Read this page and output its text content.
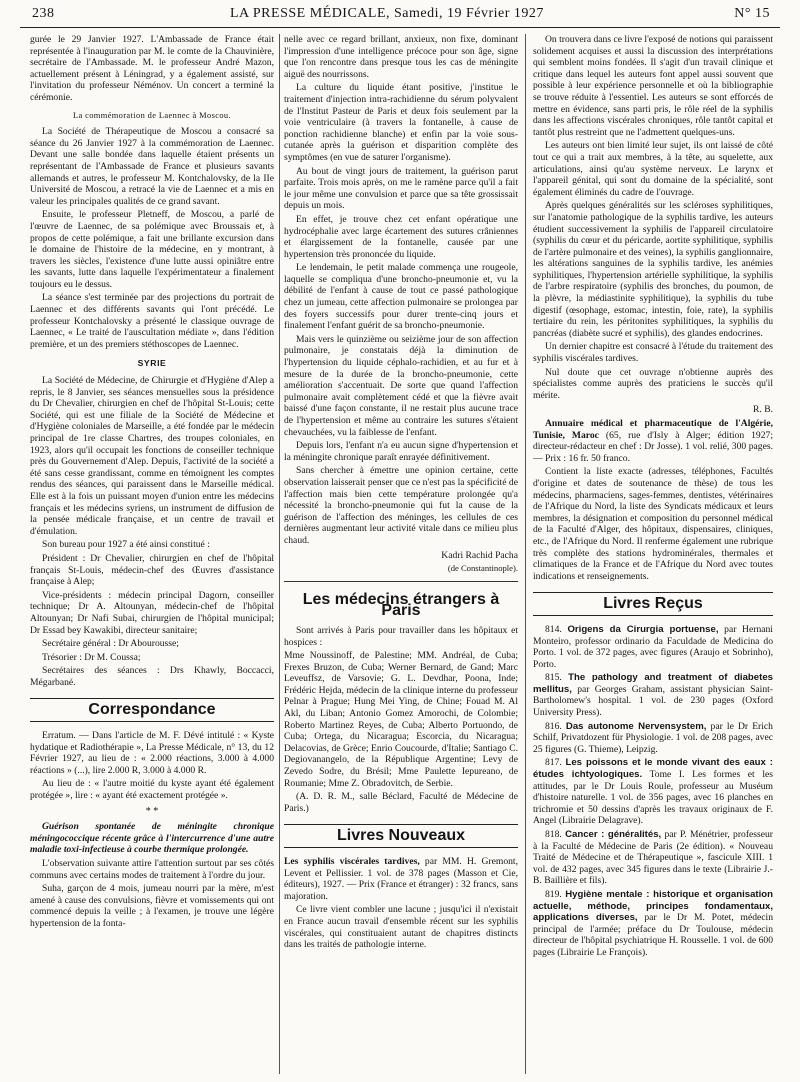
238	LA PRESSE MÉDICALE, Samedi, 19 Février 1927	N° 15

gurée le 29 Janvier 1927. L'Ambassade de France était représentée à l'inauguration par M. le comte de la Chauvinière, secrétaire de l'Ambassade. M. le professeur André Mazon, actuellement présent à Léningrad, y a également assisté, sur l'invitation du professeur Néménov. Un concert a terminé la cérémonie.

La commémoration de Laennec à Moscou.

La Société de Thérapeutique de Moscou a consacré sa séance du 26 Janvier 1927 à la commémoration de Laennec. Devant une salle bondée dans laquelle étaient présents un représentant de l'Ambassade de France et plusieurs savants allemands et autres, le professeur M. Kontchalovsky, de la IIe Université de Moscou, a retracé la vie de Laennec et a mis en valeur les principales qualités de ce grand savant.

Ensuite, le professeur Pletneff, de Moscou, a parlé de l'œuvre de Laennec, de sa polémique avec Broussais et, à propos de cette polémique, a fait une brillante excursion dans le domaine de l'histoire de la médecine, en y montrant, à travers les siècles, l'existence d'une lutte aussi opiniâtre entre les savants, lutte dans laquelle l'expérimentateur a finalement toujours eu le dessus.

La séance s'est terminée par des projections du portrait de Laennec et des différents savants qui l'ont précédé. Le professeur Kontchalovsky a présenté le classique ouvrage de Laennec, « Le traité de l'auscultation médiate », dans l'édition première, et un des premiers stéthoscopes de Laennec.

SYRIE

La Société de Médecine, de Chirurgie et d'Hygiène d'Alep a repris, le 8 Janvier, ses séances mensuelles sous la présidence du Dr Chevalier, chirurgien en chef de l'hôpital St-Louis; cette Société, qui est une filiale de la Société de Médecine et d'Hygiène coloniales de Marseille, a été fondée par le médecin principal de 1re classe Chartres, des troupes coloniales, en 1923, alors qu'il occupait les fonctions de conseiller technique près du Gouvernement d'Alep. Depuis, l'activité de la société a été sans cesse grandissant, comme en témoignent les comptes rendus des séances, qui paraissent dans le Marseille médical. Elle est à la fois un puissant moyen d'union entre les médecins français et les médecins syriens, un instrument de diffusion de la pensée médicale française, et un centre de travail et d'émulation.

Son bureau pour 1927 a été ainsi constitué :

Président : Dr Chevalier, chirurgien en chef de l'hôpital français St-Louis, médecin-chef des Œuvres d'assistance française à Alep;

Vice-présidents : médecin principal Dagorn, conseiller technique; Dr A. Altounyan, médecin-chef de l'hôpital Altounyan; Dr Nafi Subai, chirurgien de l'hôpital municipal; Dr Essad bey Kawakibi, directeur sanitaire;

Secrétaire général : Dr Abourousse;

Trésorier : Dr M. Coussa;

Secrétaires des séances : Drs Khawly, Boccacci, Mégarbané.

Correspondance

Erratum. — Dans l'article de M. F. Dévé intitulé : « Kyste hydatique et Radiothérapie », La Presse Médicale, n° 13, du 12 Février 1927, au lieu de : « 2.000 réactions, 3.000 à 4.000 réactions » (...), lire 2.000 R, 3.000 à 4.000 R.

Au lieu de : « l'autre moitié du kyste ayant été également protégée », lire : « ayant été exactement protégée ».

* *

Guérison spontanée de méningite chronique méningococcique récente grâce à l'intercurrence d'une autre maladie toxi-infectieuse à courbe thermique prolongée.

L'observation suivante attire l'attention surtout par ses côtés communs avec certains modes de traitement à l'ordre du jour.

Suha, garçon de 4 mois, jumeau nourri par la mère, m'est amené à cause des convulsions, fièvre et vomissements qui ont commencé depuis la veille ; à l'examen, je trouve une légère hypertension de la fonta-

nelle avec ce regard brillant, anxieux, non fixe, dominant l'impression d'une intelligence précoce pour son âge, signe que l'on rencontre dans presque tous les cas de méningite aiguë des nourrissons.

La culture du liquide étant positive, j'institue le traitement d'injection intra-rachidienne du sérum polyvalent de l'Institut Pasteur de Paris et deux fois seulement par la voie ventriculaire (à travers la fontanelle, à cause de ponction rachidienne blanche) et enfin par la voie sous-cutanée après la guérison et disparition complète des symptômes (en vue de saturer l'organisme).

Au bout de vingt jours de traitement, la guérison parut parfaite. Trois mois après, on me le ramène parce qu'il a fait le jour même une convulsion et parce que sa tête grossissait depuis un mois.

En effet, je trouve chez cet enfant opératique une hydrocéphalie avec large écartement des sutures crâniennes et élargissement de la fontanelle, causée par une hypertension très prononcée du liquide.

Le lendemain, le petit malade commença une rougeole, laquelle se compliqua d'une broncho-pneumonie et, vu la débilité de l'enfant à cause de tout ce passé pathologique chez un jumeau, cette affection pulmonaire se prolongea par des foyers successifs pour durer trente-cinq jours et finalement l'enfant guérit de sa broncho-pneumonie.

Mais vers le quinzième ou seizième jour de son affection pulmonaire, je constatais déjà la diminution de l'hypertension du liquide céphalo-rachidien, et au fur et à mesure de la durée de la broncho-pneumonie, cette amélioration s'accentuait. De sorte que quand l'affection pulmonaire avait complètement cédé et que la fièvre avait baissé d'une façon constante, il ne restait plus aucune trace de l'hypertension et même au contraire les sutures s'étaient chevauchées, vu la faiblesse de l'enfant.

Depuis lors, l'enfant n'a eu aucun signe d'hypertension et la méningite chronique paraît enrayée définitivement.

Sans chercher à émettre une opinion certaine, cette observation laisserait penser que ce n'est pas la spécificité de l'affection mais bien cette température prolongée qu'a nécessité la broncho-pneumonie qui fut la cause de la guérison de l'affection des méninges, les cellules de ces dernières augmentant leur activité vitale dans ce milieu plus chaud.

Kadri Rachid Pacha
(de Constantinople).
Les médecins étrangers à Paris

Sont arrivés à Paris pour travailler dans les hôpitaux et hospices :

Mme Noussinoff, de Palestine; MM. Andréal, de Cuba; Frexes Bruzon, de Cuba; Werner Bernard, de Gand; Marc Leveuffsz, de Varsovie; G. L. Devdhar, Poona, Inde; Frédéric Hejda, médecin de la clinique interne du professeur Pelnar à Prague; Hung Mei Ying, de Chine; Fouad M. Al Akl, du Liban; Antonio Gomez Amorochi, de Colombie; Roberto Martinez Reyes, de Cuba; Alberto Portuondo, de Cuba; Ortega, du Nicaragua; Escorcia, du Nicaragua; Delacovias, de Grèce; Enrio Coucourde, d'Italie; Santiago C. Degiovanangelo, de la République Argentine; Levy de Zevedo Sodre, du Brésil; Mme Paulette Iepureano, de Roumanie; Mme Z. Obradovitch, de Serbie.

(A. D. R. M., salle Béclard, Faculté de Médecine de Paris.)

Livres Nouveaux

Les syphilis viscérales tardives, par MM. H. Gremont, Levent et Pellissier. 1 vol. de 378 pages (Masson et Cie, éditeurs), 1927. — Prix (France et étranger) : 32 francs, sans majoration.

Ce livre vient combler une lacune ; jusqu'ici il n'existait en France aucun travail d'ensemble récent sur les syphilis viscérales, qui constituaient autant de chapitres distincts dans les traités de pathologie interne.

On trouvera dans ce livre l'exposé de notions qui paraissent solidement acquises et aussi la discussion des interprétations qui semblent moins fondées. Il s'agit d'un travail clinique et critique dans lequel les auteurs font appel aussi souvent que possible à leur expérience personnelle et où la bibliographie se trouve réduite à l'essentiel. Les auteurs se sont efforcés de mettre en évidence, sans parti pris, le rôle réel de la syphilis dans les affections viscérales chroniques, rôle tantôt capital et tantôt plus restreint que ne l'admettent quelques-uns.

Les auteurs ont bien limité leur sujet, ils ont laissé de côté tout ce qui a trait aux membres, à la tête, au squelette, aux articulations, ainsi qu'au système nerveux. Le larynx et l'appareil génital, qui sont du domaine de la spécialité, sont également éliminés du cadre de l'ouvrage.

Après quelques généralités sur les scléroses syphilitiques, sur l'anatomie pathologique de la syphilis tardive, les auteurs étudient successivement la syphilis de l'appareil circulatoire (syphilis du cœur et du péricarde, aortite syphilitique, syphilis de l'artère pulmonaire et des veines), la syphilis ganglionnaire, les altérations sanguines de la syphilis tardive, les anémies syphilitiques, l'hypertension artérielle syphilitique, la syphilis de l'arbre respiratoire (syphilis des bronches, du poumon, de la plèvre, la médiastinite syphilitique), la syphilis du tube digestif (œsophage, estomac, intestin, foie, rate), la syphilis tertiaire du rein, les péritonites syphilitiques, la syphilis du pancréas (diabète sucré et syphilis), des glandes endocrines.

Un dernier chapitre est consacré à l'étude du traitement des syphilis viscérales tardives.

Nul doute que cet ouvrage n'obtienne auprès des spécialistes comme auprès des praticiens le succès qu'il mérite.

R. B.

Annuaire médical et pharmaceutique de l'Algérie, Tunisie, Maroc (65, rue d'Isly à Alger; édition 1927; directeur-rédacteur en chef : Dr Josse). 1 vol. relié, 300 pages. — Prix : 16 fr. 50 franco.

Contient la liste exacte (adresses, téléphones, Facultés d'origine et dates de soutenance de thèse) de tous les médecins, pharmaciens, sages-femmes, dentistes, vétérinaires de l'Afrique du Nord, la liste des Syndicats médicaux et leurs membres, la désignation et composition du personnel médical de la Faculté d'Alger, des hôpitaux, dispensaires, cliniques, etc., de l'Afrique du Nord. Il renferme également une rubrique très complète des stations hydrominérales, thermales et climatiques de la France et de l'Afrique du Nord avec toutes indications et renseignements.

Livres Reçus

814. Origens da Cirurgia portuense, par Hernani Monteiro, professor ordinario da Faculdade de Medicina do Porto. 1 vol. de 372 pages, avec figures (Araujo et Sobrinho), Porto.

815. The pathology and treatment of diabetes mellitus, par Georges Graham, assistant physician Saint-Bartholomew's hospital. 1 vol. de 230 pages (Oxford University Press).

816. Das autonome Nervensystem, par le Dr Erich Schilf, Privatdozent für Physiologie. 1 vol. de 208 pages, avec 25 figures (G. Thieme), Leipzig.

817. Les poissons et le monde vivant des eaux : études ichtyologiques. Tome I. Les formes et les attitudes, par le Dr Louis Roule, professeur au Muséum d'histoire naturelle. 1 vol. de 356 pages, avec 16 planches en trichromie et 50 dessins d'après les travaux originaux de F. Angel (Librairie Delagrave).

818. Cancer : généralités, par P. Ménétrier, professeur à la Faculté de Médecine de Paris (2e édition). « Nouveau Traité de Médecine et de Thérapeutique », fascicule XIII. 1 vol. de 432 pages, avec 345 figures dans le texte (Librairie J.-B. Baillière et fils).

819. Hygiène mentale : historique et organisation actuelle, méthode, principes fondamentaux, applications diverses, par le Dr M. Potet, médecin principal de l'armée; préface du Dr Toulouse, médecin directeur de l'hôpital psychiatrique H. Rousselle. 1 vol. de 600 pages (Librairie Le François).
